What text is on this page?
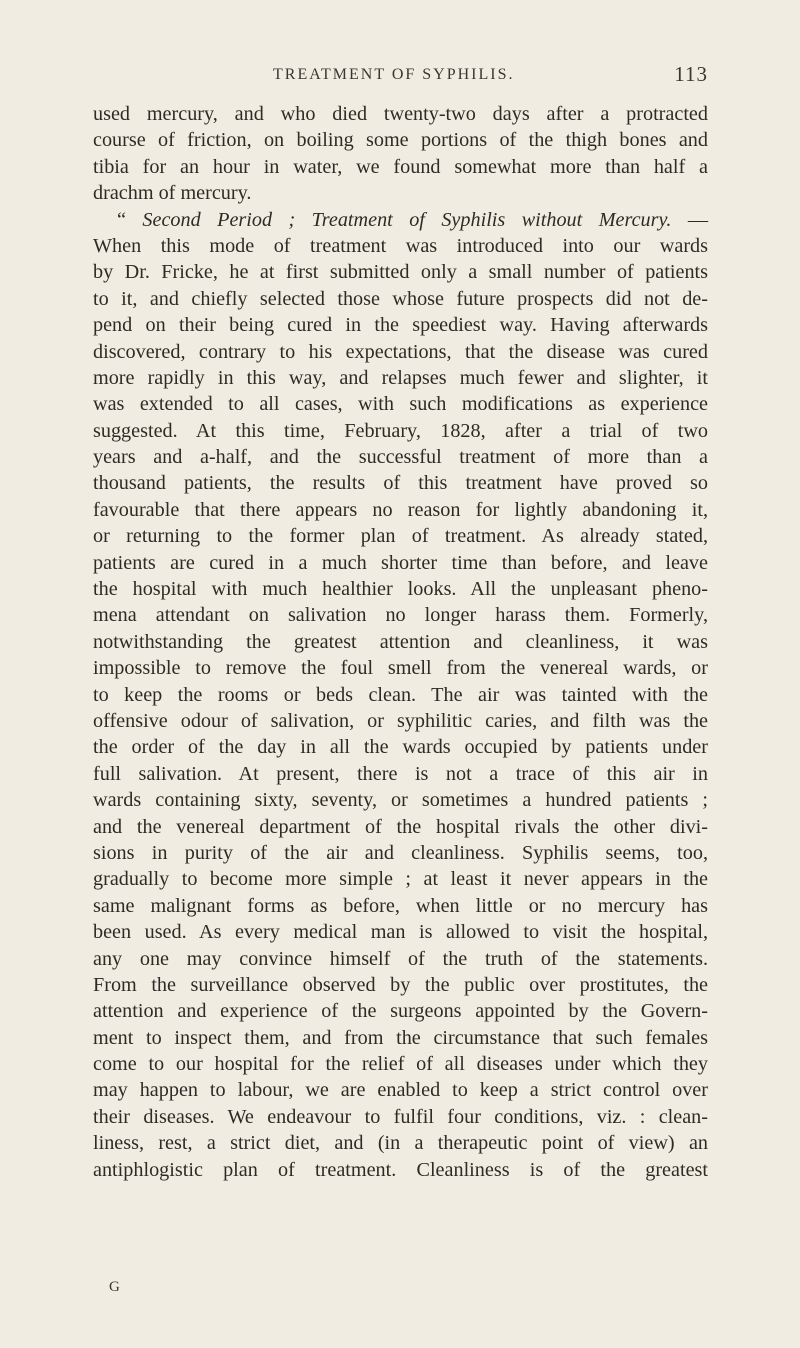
TREATMENT OF SYPHILIS.	113
used mercury, and who died twenty-two days after a protracted
course of friction, on boiling some portions of the thigh bones and
tibia for an hour in water, we found somewhat more than half a
drachm of mercury.
“ Second Period ; Treatment of Syphilis without Mercury. —
When this mode of treatment was introduced into our wards
by Dr. Fricke, he at first submitted only a small number of patients
to it, and chiefly selected those whose future prospects did not de-
pend on their being cured in the speediest way. Having afterwards
discovered, contrary to his expectations, that the disease was cured
more rapidly in this way, and relapses much fewer and slighter, it
was extended to all cases, with such modifications as experience
suggested. At this time, February, 1828, after a trial of two
years and a-half, and the successful treatment of more than a
thousand patients, the results of this treatment have proved so
favourable that there appears no reason for lightly abandoning it,
or returning to the former plan of treatment. As already stated,
patients are cured in a much shorter time than before, and leave
the hospital with much healthier looks. All the unpleasant pheno-
mena attendant on salivation no longer harass them. Formerly,
notwithstanding the greatest attention and cleanliness, it was
impossible to remove the foul smell from the venereal wards, or
to keep the rooms or beds clean. The air was tainted with the
offensive odour of salivation, or syphilitic caries, and filth was the
the order of the day in all the wards occupied by patients under
full salivation. At present, there is not a trace of this air in
wards containing sixty, seventy, or sometimes a hundred patients ;
and the venereal department of the hospital rivals the other divi-
sions in purity of the air and cleanliness. Syphilis seems, too,
gradually to become more simple ; at least it never appears in the
same malignant forms as before, when little or no mercury has
been used. As every medical man is allowed to visit the hospital,
any one may convince himself of the truth of the statements.
From the surveillance observed by the public over prostitutes, the
attention and experience of the surgeons appointed by the Govern-
ment to inspect them, and from the circumstance that such females
come to our hospital for the relief of all diseases under which they
may happen to labour, we are enabled to keep a strict control over
their diseases. We endeavour to fulfil four conditions, viz. : clean-
liness, rest, a strict diet, and (in a therapeutic point of view) an
antiphlogistic plan of treatment. Cleanliness is of the greatest
G
